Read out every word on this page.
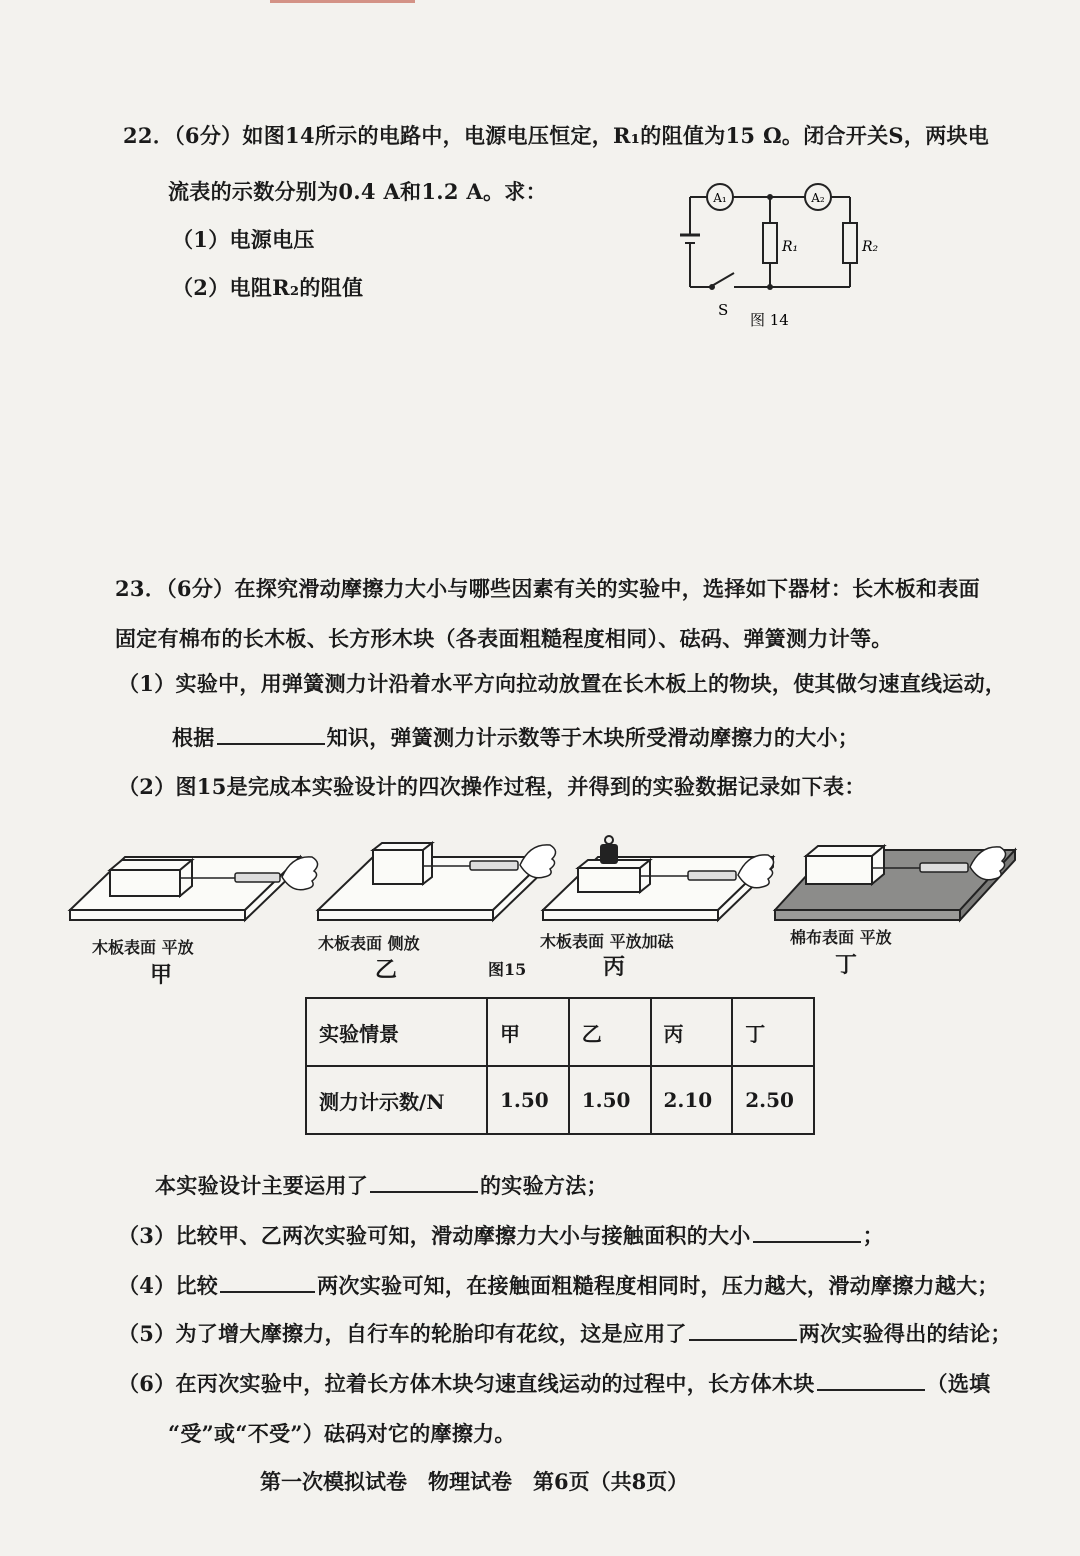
22．（6分）如图14所示的电路中，电源电压恒定，R₁的阻值为15 Ω。闭合开关S，两块电
流表的示数分别为0.4 A和1.2 A。求：
（1）电源电压
（2）电阻R₂的阻值
A₁	A₂
R₁	R₂
S
图 14
23．（6分）在探究滑动摩擦力大小与哪些因素有关的实验中，选择如下器材：长木板和表面
固定有棉布的长木板、长方形木块（各表面粗糙程度相同）、砝码、弹簧测力计等。
（1）实验中，用弹簧测力计沿着水平方向拉动放置在长木板上的物块，使其做匀速直线运动，
根据	知识，弹簧测力计示数等于木块所受滑动摩擦力的大小；
（2）图15是完成本实验设计的四次操作过程，并得到的实验数据记录如下表：
木板表面 平放
甲
木板表面 侧放
乙	图15
木板表面 平放加砝
丙
棉布表面 平放
丁
实验情景	甲	乙	丙	丁
测力计示数/N	1.50	1.50	2.10	2.50
本实验设计主要运用了	的实验方法；
（3）比较甲、乙两次实验可知，滑动摩擦力大小与接触面积的大小	；
（4）比较	两次实验可知，在接触面粗糙程度相同时，压力越大，滑动摩擦力越大；
（5）为了增大摩擦力，自行车的轮胎印有花纹，这是应用了	两次实验得出的结论；
（6）在丙次实验中，拉着长方体木块匀速直线运动的过程中，长方体木块	（选填
“受”或“不受”）砝码对它的摩擦力。
第一次模拟试卷　物理试卷　第6页（共8页）
